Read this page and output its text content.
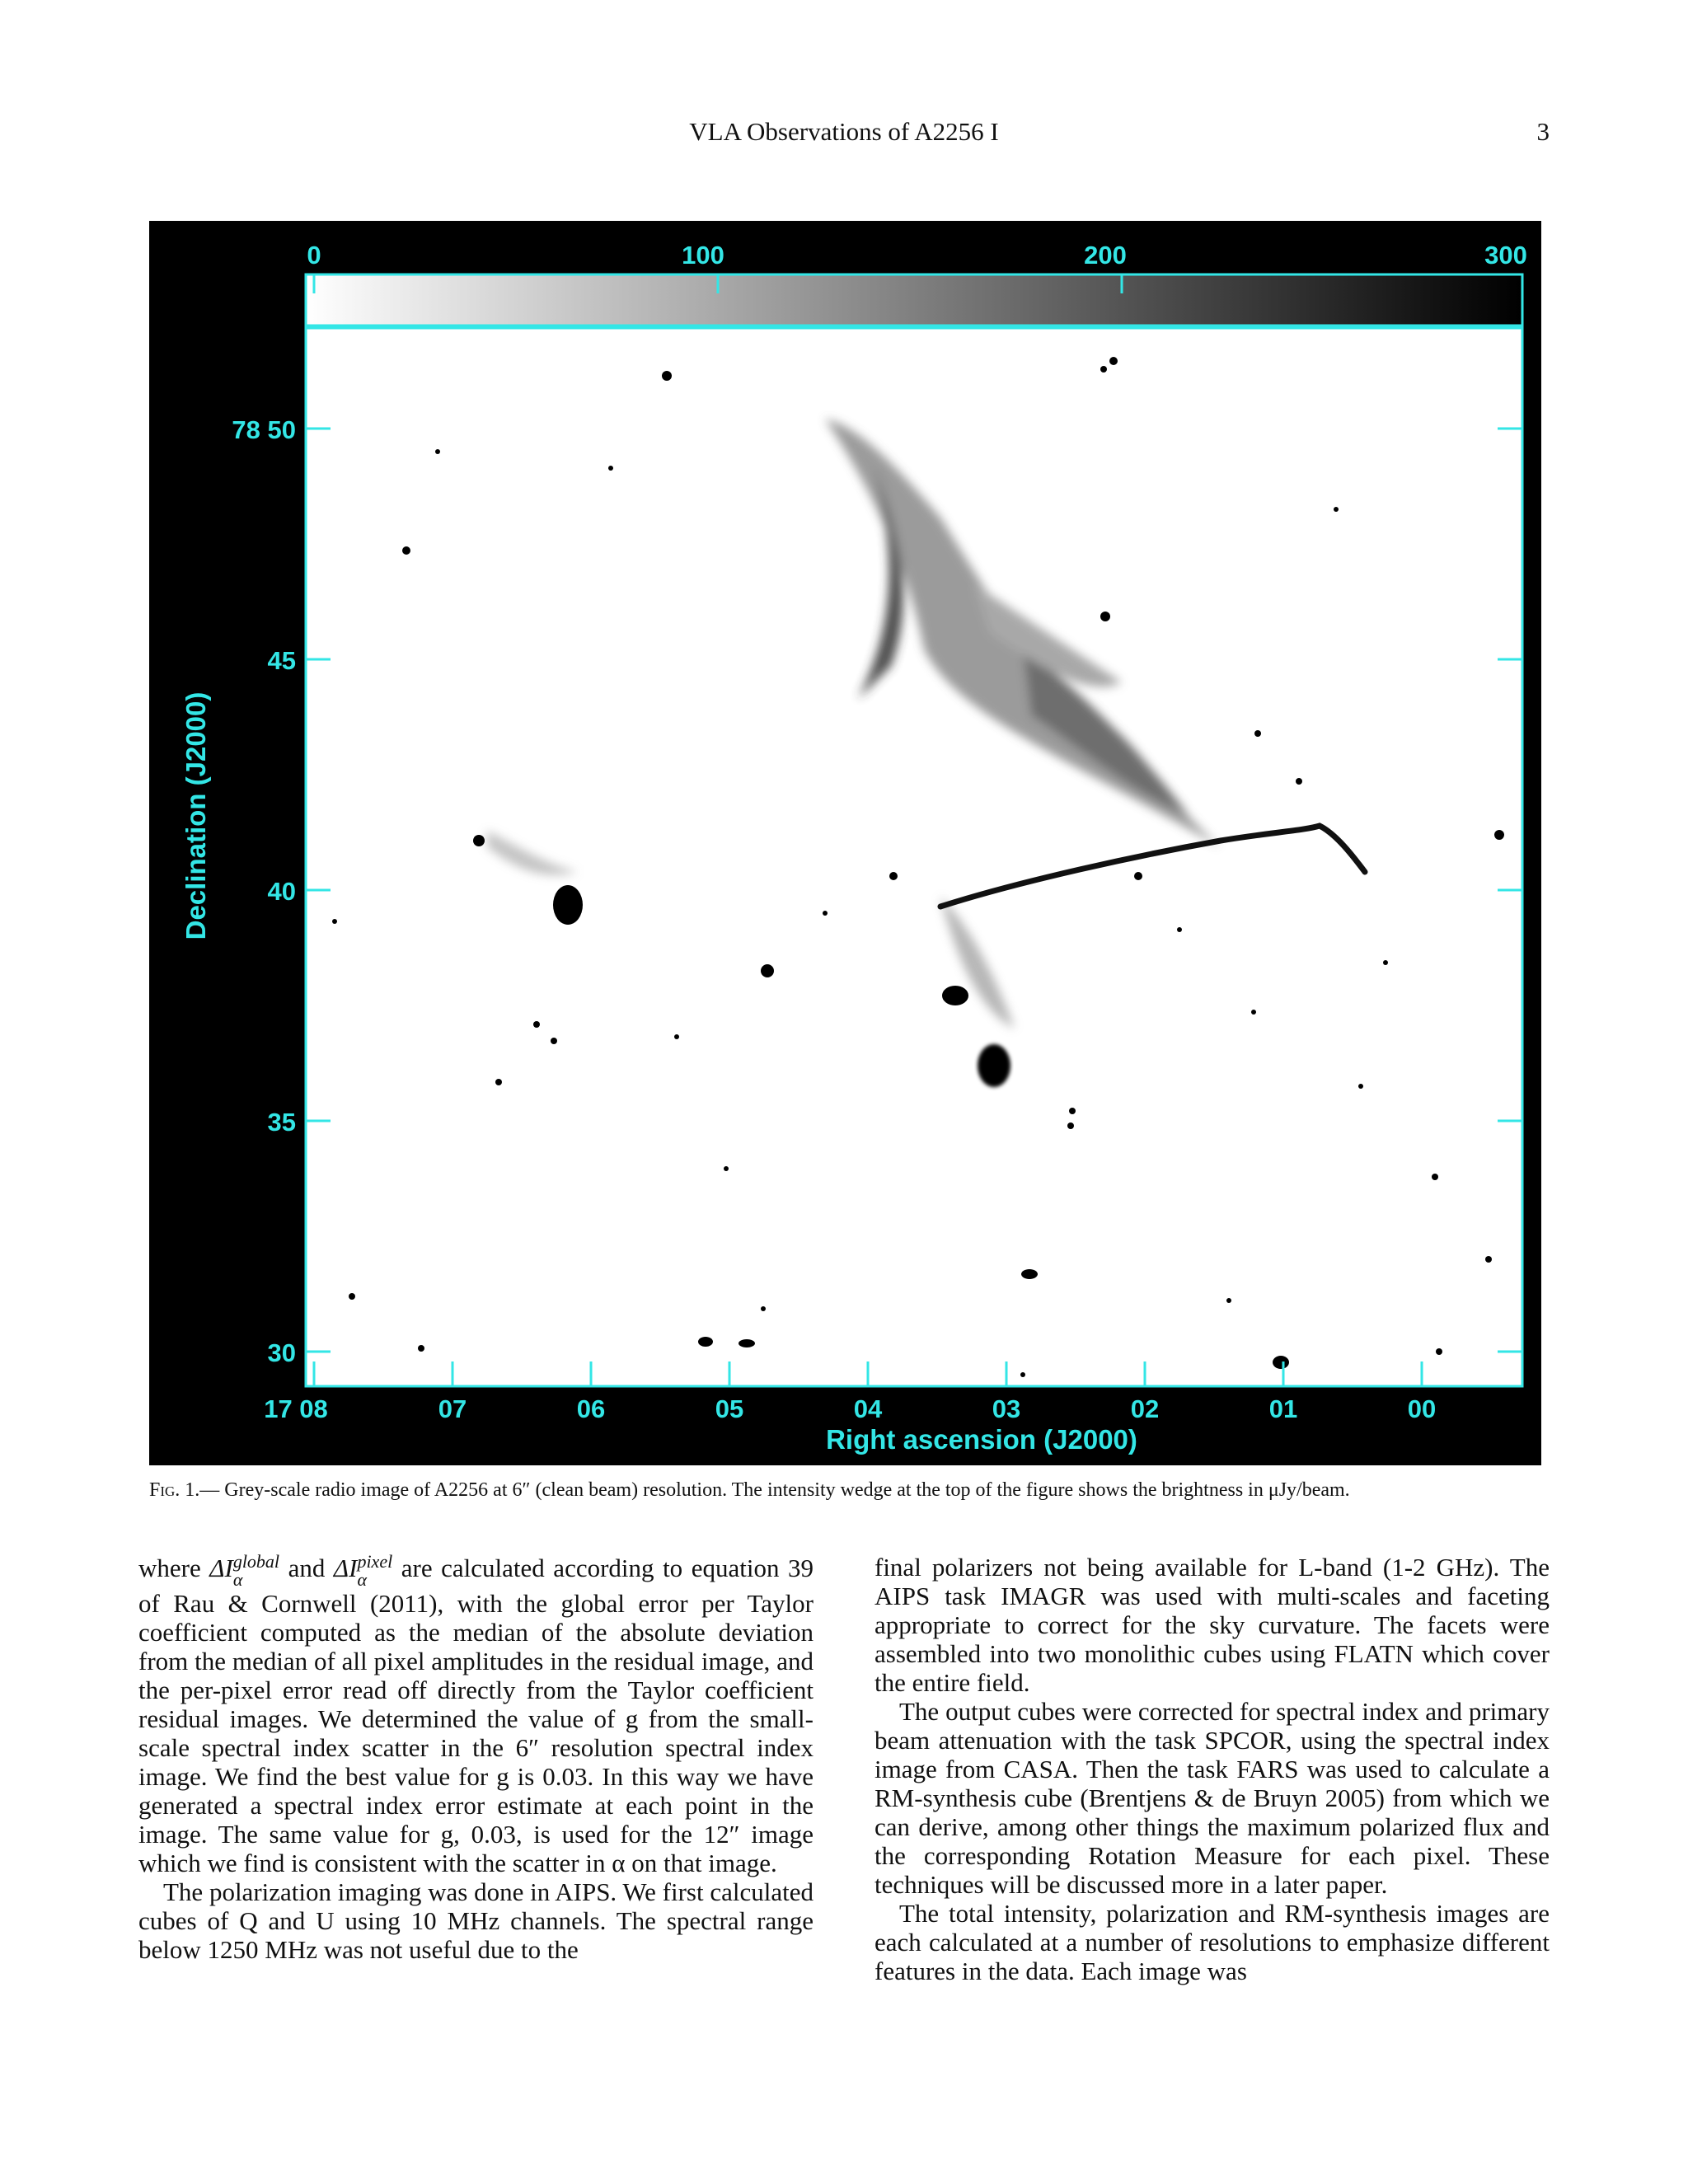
VLA Observations of A2256 I	3
0	100	200	300
78 50
45
40
35
30
17 08	07	06	05	04	03	02	01	00
Right ascension (J2000)
Declination (J2000)
Fig. 1.— Grey-scale radio image of A2256 at 6″ (clean beam) resolution. The intensity wedge at the top of the figure shows the brightness in μJy/beam.

where ΔI global
α	and ΔI pixel
α	are calculated according to equation 39 of Rau & Cornwell (2011), with the global error per Taylor coefficient computed as the median of the absolute deviation from the median of all pixel amplitudes in the residual image, and the per-pixel error read off directly from the Taylor coefficient residual images. We determined the value of g from the small-scale spectral index scatter in the 6″ resolution spectral index image. We find the best value for g is 0.03. In this way we have generated a spectral index error estimate at each point in the image. The same value for g, 0.03, is used for the 12″ image which we find is consistent with the scatter in α on that image.

The polarization imaging was done in AIPS. We first calculated cubes of Q and U using 10 MHz channels. The spectral range below 1250 MHz was not useful due to the

final polarizers not being available for L-band (1-2 GHz). The AIPS task IMAGR was used with multi-scales and faceting appropriate to correct for the sky curvature. The facets were assembled into two monolithic cubes using FLATN which cover the entire field.

The output cubes were corrected for spectral index and primary beam attenuation with the task SPCOR, using the spectral index image from CASA. Then the task FARS was used to calculate a RM-synthesis cube (Brentjens & de Bruyn 2005) from which we can derive, among other things the maximum polarized flux and the corresponding Rotation Measure for each pixel. These techniques will be discussed more in a later paper.

The total intensity, polarization and RM-synthesis images are each calculated at a number of resolutions to emphasize different features in the data. Each image was
